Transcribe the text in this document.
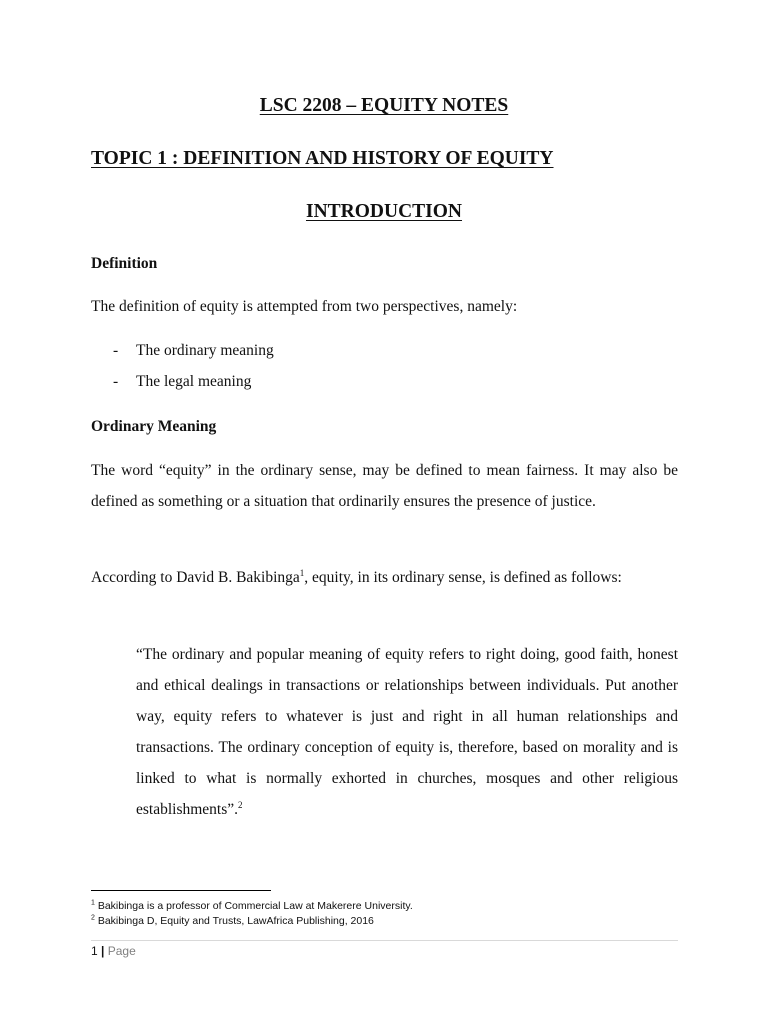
LSC 2208 – EQUITY NOTES
TOPIC 1 : DEFINITION AND HISTORY OF EQUITY
INTRODUCTION

Definition

The definition of equity is attempted from two perspectives, namely:

- The ordinary meaning

- The legal meaning

Ordinary Meaning

The word “equity” in the ordinary sense, may be defined to mean fairness. It may also be defined as something or a situation that ordinarily ensures the presence of justice.

According to David B. Bakibinga$^1$, equity, in its ordinary sense, is defined as follows:

“The ordinary and popular meaning of equity refers to right doing, good faith, honest and ethical dealings in transactions or relationships between individuals. Put another way, equity refers to whatever is just and right in all human relationships and transactions. The ordinary conception of equity is, therefore, based on morality and is linked to what is normally exhorted in churches, mosques and other religious establishments”.$^2$

$^1$ Bakibinga is a professor of Commercial Law at Makerere University.

$^2$ Bakibinga D, Equity and Trusts, LawAfrica Publishing, 2016

1 | Page
